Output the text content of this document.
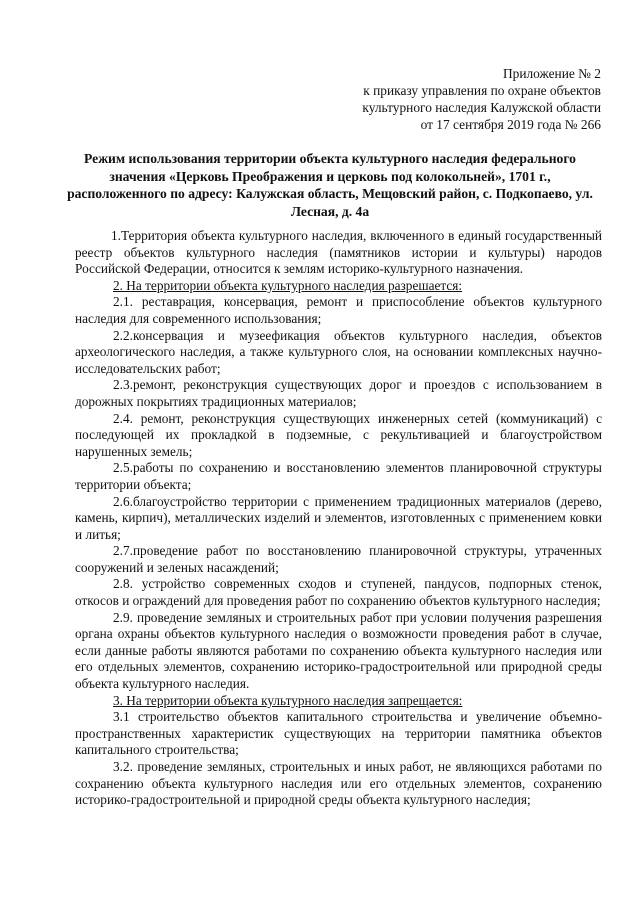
Приложение № 2
к приказу управления по охране объектов
культурного наследия Калужской области
от 17 сентября 2019 года № 266
Режим использования территории объекта культурного наследия федерального значения «Церковь Преображения и церковь под колокольней», 1701 г., расположенного по адресу: Калужская область, Мещовский район, с. Подкопаево, ул. Лесная, д. 4а

1.Территория объекта культурного наследия, включенного в единый государственный реестр объектов культурного наследия (памятников истории и культуры) народов Российской Федерации, относится к землям историко-культурного назначения.

2. На территории объекта культурного наследия разрешается:

2.1. реставрация, консервация, ремонт и приспособление объектов культурного наследия для современного использования;

2.2.консервация и музеефикация объектов культурного наследия, объектов археологического наследия, а также культурного слоя, на основании комплексных научно-исследовательских работ;

2.3.ремонт, реконструкция существующих дорог и проездов с использованием в дорожных покрытиях традиционных материалов;

2.4. ремонт, реконструкция существующих инженерных сетей (коммуникаций) с последующей их прокладкой в подземные, с рекультивацией и благоустройством нарушенных земель;

2.5.работы по сохранению и восстановлению элементов планировочной структуры территории объекта;

2.6.благоустройство территории с применением традиционных материалов (дерево, камень, кирпич), металлических изделий и элементов, изготовленных с применением ковки и литья;

2.7.проведение работ по восстановлению планировочной структуры, утраченных сооружений и зеленых насаждений;

2.8. устройство современных сходов и ступеней, пандусов, подпорных стенок, откосов и ограждений для проведения работ по сохранению объектов культурного наследия;

2.9. проведение земляных и строительных работ при условии получения разрешения органа охраны объектов культурного наследия о возможности проведения работ в случае, если данные работы являются работами по сохранению объекта культурного наследия или его отдельных элементов, сохранению историко-градостроительной или природной среды объекта культурного наследия.

3. На территории объекта культурного наследия запрещается:

3.1 строительство объектов капитального строительства и увеличение объемно-пространственных характеристик существующих на территории памятника объектов капитального строительства;

3.2. проведение земляных, строительных и иных работ, не являющихся работами по сохранению объекта культурного наследия или его отдельных элементов, сохранению историко-градостроительной и природной среды объекта культурного наследия;
